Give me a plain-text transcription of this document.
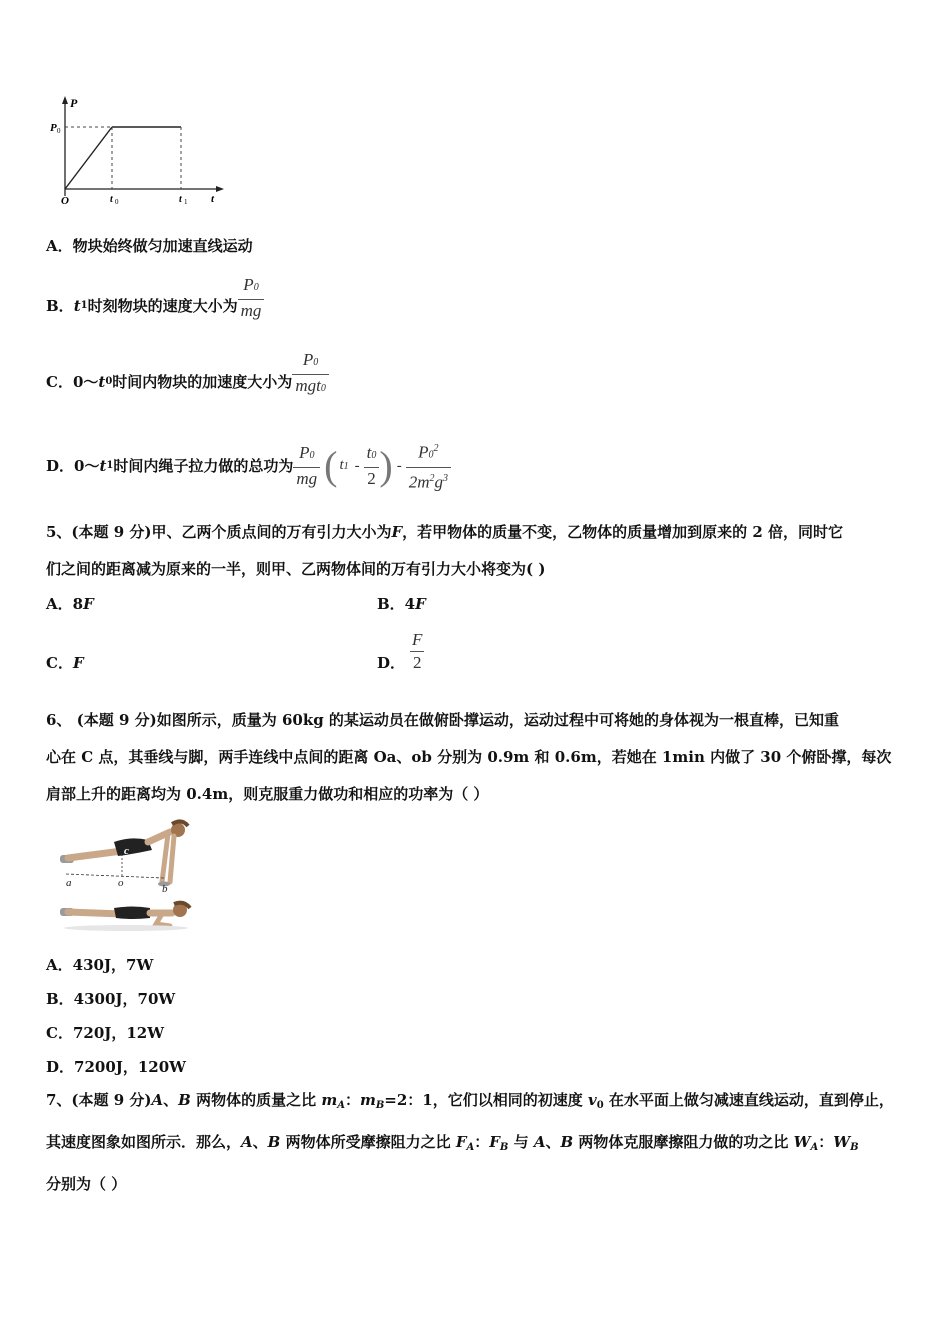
P
P 0
O	t 0	t 1 t
A．物块始终做匀加速直线运动
B． t 1 时刻物块的速度大小为 $\frac{P0}{mg}$
C．0～ t 0 时间内物块的加速度大小为 $\frac{P0}{\text{mgt0}}$
D．0～ t 1 时间内绳子拉力做的总功为 $\frac{P0}{mg}$ ( $t1 - \frac{t0}{2}$ ) - $\frac{P0^2}{2m^2g^3}$
5、(本题 9 分)甲、乙两个质点间的万有引力大小为F，若甲物体的质量不变，乙物体的质量增加到原来的 2 倍，同时它
们之间的距离减为原来的一半，则甲、乙两物体间的万有引力大小将变为( )
A．8F	B．4F
C．F	D． $\frac{F}{2}$
6、 (本题 9 分)如图所示，质量为 60kg 的某运动员在做俯卧撑运动，运动过程中可将她的身体视为一根直棒，已知重
心在 C 点，其垂线与脚，两手连线中点间的距离 Oa、ob 分别为 0.9m 和 0.6m，若她在 1min 内做了 30 个俯卧撑，每次
肩部上升的距离均为 0.4m，则克服重力做功和相应的功率为（ ）
c
a	o	b
A．430J，7W
B．4300J，70W
C．720J，12W
D．7200J，120W
7、(本题 9 分)A、B 两物体的质量之比 $m_A$：$m_B=2$：1，它们以相同的初速度 $v_0$ 在水平面上做匀减速直线运动，直到停止，
其速度图象如图所示．那么，A、B 两物体所受摩擦阻力之比 $F_A$：$F_B$ 与 A、B 两物体克服摩擦阻力做的功之比 $W_A$：$W_B$
分别为（ ）
